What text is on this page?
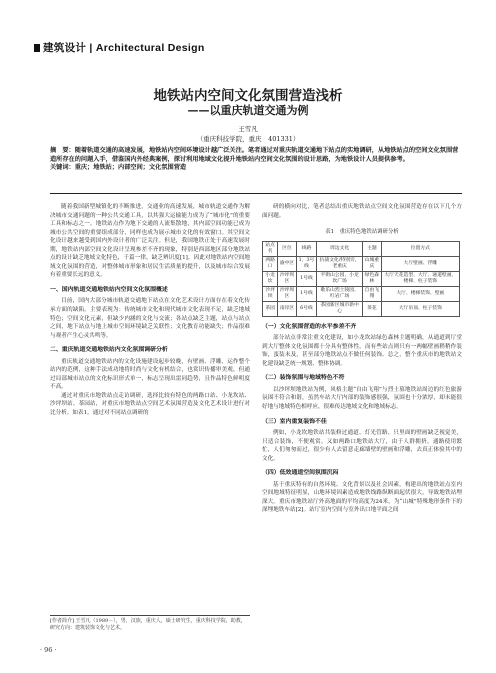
建筑设计 | Architectural Design
地铁站内空间文化氛围营造浅析
——以重庆轨道交通为例
王雪凡
（重庆科技学院，重庆　401331）
摘　要：随着轨道交通的高速发展，地铁站内空间环境设计越广泛关注。笔者通过对重庆轨道交通地下站点的实地调研，从地铁站点的空间文化氛围营造所存在的问题入手，借鉴国内外经典案例，探讨利用地域文化提升地铁站内空间文化氛围的设计思路，为地铁设计人员提供参考。
关键词：重庆；地铁站；内部空间；文化氛围营造

随着我国新型城镇化的不断推进，交通业的高速发展，城市轨道交通作为解决城市交通问题的一种公共交通工具，以其强大运输能力成为了“城市化”的重要工具和标志之一。地铁站点作为地下交通的人流集散地，其内部空间功能已成为城市公共空间的重要组成部分，同样也成为展示城市文化的有效窗口。其空间文化设计越来越受到国内外设计者的广泛关注。但是，我国地铁正处于高速发展时期，地铁站内部空间文化设计呈现参差不齐的现象，特别是西部地区部分地铁站点的设计缺乏地域文化特色，千篇一律，缺乏辨识度[1]。因此对地铁站内空间地域文化氛围的营造，对整体城市形象和居民生活质量的提升，以及城市综合发展有着重要长远的意义。

一、国内轨道交通地铁站内空间文化氛围概述

目前，国内大部分城市轨道交通地下站点在文化艺术设计方面存在着文化传承方面的缺陷。主要表现为：传统城市文化和现代城市文化表现不足，缺乏地域特色；空间文化元素，但缺少内涵的文化与交流；各站点缺乏主题，站点与站点之间，地下站点与地上城市空间环境缺乏关联性；文化教育功能缺失；作品很难与观者产生心灵共鸣等。

二、重庆轨道交通地铁站内文化氛围调研分析

重庆轨道交通地铁站内的文化设施建设起步较晚，有壁画、浮雕、运作整个站内的范例，这种手法成功地将时尚与文化有机结合，也赏识传播审美观，但通过局部城市站点的文化标识形式单一，标志呈现出雷同趋势，且作品特色鲜明度不高。

通过对重庆市地铁站点走访调研，选择比较有特色的两路口站、小龙坎站、沙坪坝站、茶园站，对重庆市地铁站点空间艺术氛围营造及文化艺术设计进行对比分析。如表1。通过对不同站点调研的

[作者简介] 王雪凡（1989－），男，汉族，重庆人，硕士研究生，重庆科技学院，助教，研究方向：建筑装饰文化与艺术。
· 96 ·

研的横向对比，笔者总结出重庆地铁站点空间文化氛围营造存在以下几个方面问题。

表1　重庆特色地铁站调研分析
站点名	区位	线路	周边文化	主题	位置方式
两路口	渝中区	1、3号线	抗战文化/特别旁，老重庆	山城重庆	大厅壁画、浮雕
小龙坎	沙坪坝区	1号线	平街山公园，小龙坎广场	绿色森林	大厅天花造型、大厅、通道壁画、楼梯、柱子装饰
沙坪坝	沙坪坝区	1号线	歌乐山烈士陵园、红岩广场	自由飞翔	大厅、楼梯装饰、壁画
茶园	南岸区	6号线	茶园新区城市新中心	茶花	大厅吊顶、柱子装饰
（一）文化氛围营造的水平参差不齐

部分站点非常注重文化建设，如小龙坎站绿色森林主题明确，从通道到厅堂到大厅整体文化氛围都十分具有整体性。而有些站点则只有一两幅壁画稍稍作装饰，蛮装未及，甚至部分地铁站点不做任何装饰。总之，整个重庆市的地铁站文化建设缺乏统一规划、整体协调。

（二）装饰氛围与地域特色不符

以沙坪坝地铁站为例，风格主题“自由飞翔”与烈士墓地铁站周边的红色旅游氛围不符合和谐，虽然车站大厅内部的装饰感很强，氛围也十分浓厚，却未能很好地与地域特色相呼应，很难传达地域文化和地域标志。

（三）室内重复装饰不佳

例如，小龙坎地铁站共装修过通道、灯光管路、只里面的壁画缺乏视觉美，只适合装饰，不便观赏。又如两路口地铁站大厅，由于人群拥挤，通路使用繁忙，人们匆匆而过，很少有人去留意走廊墙壁的壁画和浮雕，去真正体验其中的文化。

（四）低效通道空间氛围沉闷

基于重庆特有的自然环境、文化背景以及社会因素，构建出的地铁站点室内空间地域特征明显，山地环境因素造成地铁线路纵断面起伏很大，导致地铁站埋深大。重庆市地铁站厅外高地面的平均高度为24米。为“山城”特殊地形条件下的深埋地铁车站[2]。站厅室内空间与室外出口地平面之间
